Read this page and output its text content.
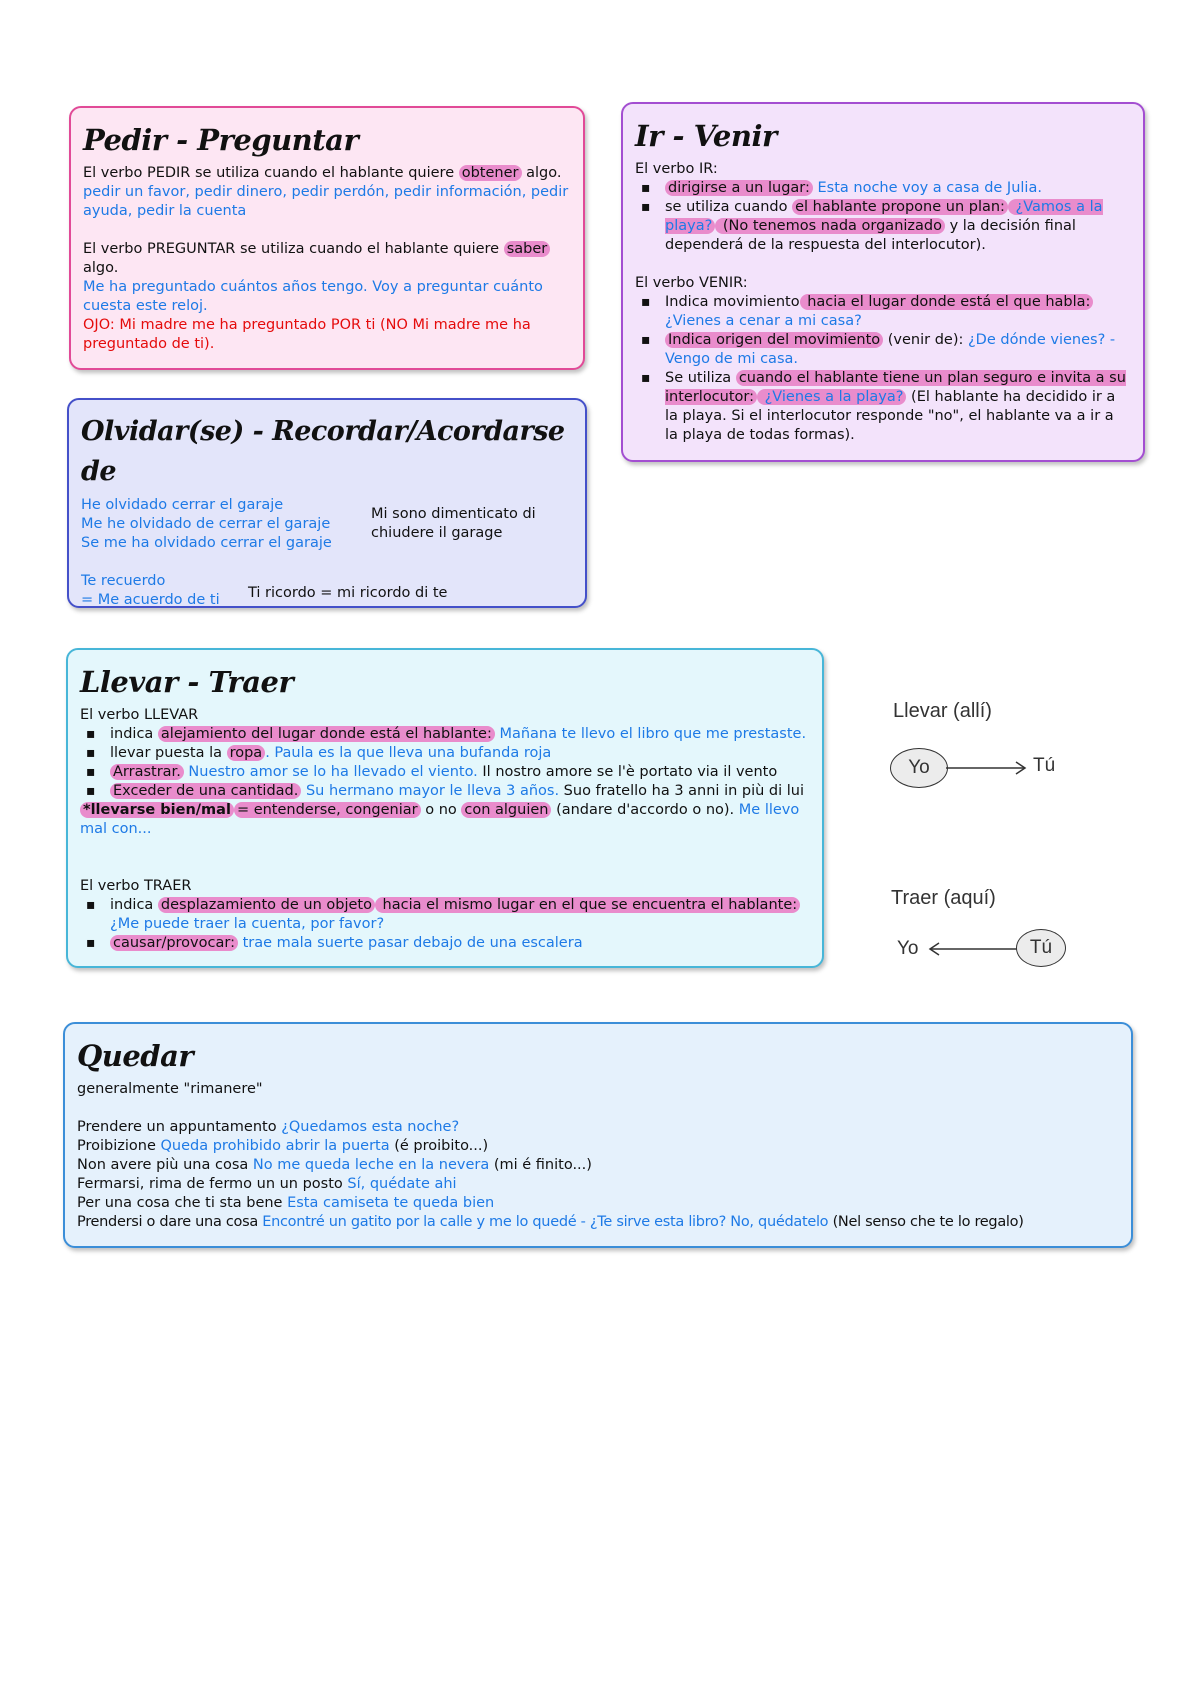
Pedir - Preguntar
El verbo PEDIR se utiliza cuando el hablante quiere obtener algo.
pedir un favor, pedir dinero, pedir perdón, pedir información, pedir ayuda, pedir la cuenta
El verbo PREGUNTAR se utiliza cuando el hablante quiere saber algo.
Me ha preguntado cuántos años tengo. Voy a preguntar cuánto cuesta este reloj.
OJO: Mi madre me ha preguntado POR ti (NO Mi madre me ha preguntado de ti).
Ir - Venir
El verbo IR:
▪ dirigirse a un lugar: Esta noche voy a casa de Julia.
▪ se utiliza cuando el hablante propone un plan: ¿Vamos a la playa? (No tenemos nada organizado y la decisión final dependerá de la respuesta del interlocutor).
El verbo VENIR:
▪ Indica movimiento hacia el lugar donde está el que habla: ¿Vienes a cenar a mi casa?
▪ Indica origen del movimiento (venir de): ¿De dónde vienes? - Vengo de mi casa.
▪ Se utiliza cuando el hablante tiene un plan seguro e invita a su interlocutor: ¿Vienes a la playa? (El hablante ha decidido ir a la playa. Si el interlocutor responde "no", el hablante va a ir a la playa de todas formas).
Olvidar(se) - Recordar/Acordarse de
He olvidado cerrar el garaje
Me he olvidado de cerrar el garaje
Se me ha olvidado cerrar el garaje
Mi sono dimenticato di chiudere il garage
Te recuerdo
= Me acuerdo de ti	Ti ricordo = mi ricordo di te
Llevar - Traer
El verbo LLEVAR
▪ indica alejamiento del lugar donde está el hablante: Mañana te llevo el libro que me prestaste.
▪ llevar puesta la ropa . Paula es la que lleva una bufanda roja
▪ Arrastrar. Nuestro amor se lo ha llevado el viento. Il nostro amore se l'è portato via il vento
▪ Exceder de una cantidad. Su hermano mayor le lleva 3 años. Suo fratello ha 3 anni in più di lui
*llevarse bien/mal = entenderse, congeniar o no con alguien (andare d'accordo o no). Me llevo mal con...
El verbo TRAER
▪ indica desplazamiento de un objeto hacia el mismo lugar en el que se encuentra el hablante: ¿Me puede traer la cuenta, por favor?
▪ causar/provocar: trae mala suerte pasar debajo de una escalera
Llevar (allí)
Yo	Tú
Traer (aquí)
Yo	Tú
Quedar
generalmente "rimanere"
Prendere un appuntamento ¿Quedamos esta noche?
Proibizione Queda prohibido abrir la puerta (é proibito...)
Non avere più una cosa No me queda leche en la nevera (mi é finito...)
Fermarsi, rima de fermo un un posto Sí, quédate ahi
Per una cosa che ti sta bene Esta camiseta te queda bien
Prendersi o dare una cosa Encontré un gatito por la calle y me lo quedé - ¿Te sirve esta libro? No, quédatelo (Nel senso che te lo regalo)
